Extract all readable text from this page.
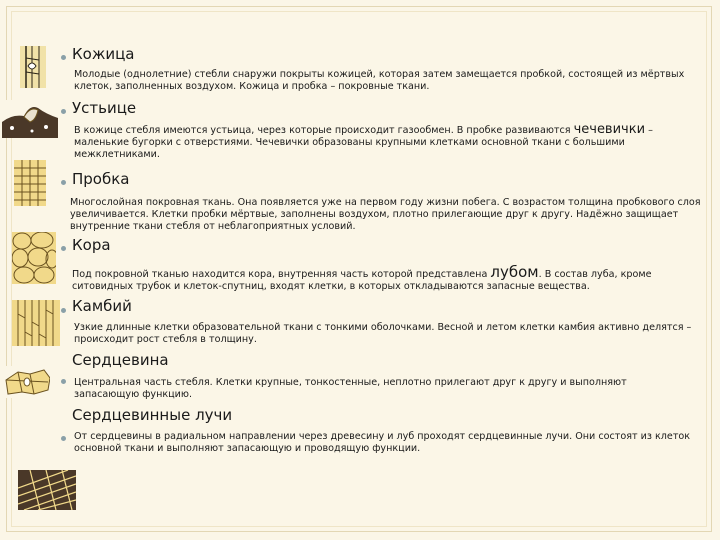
Кожица
Молодые (однолетние) стебли снаружи покрыты кожицей, которая затем замещается пробкой, состоящей из мёртвых клеток, заполненных воздухом. Кожица и пробка – покровные ткани.
Устьице
В кожице стебля имеются устьица, через которые происходит газообмен. В пробке развиваются чечевички – маленькие бугорки с отверстиями. Чечевички образованы крупными клетками основной ткани с большими межклетниками.
Пробка
Многослойная покровная ткань. Она появляется уже на первом году жизни побега. С возрастом толщина пробкового слоя увеличивается. Клетки пробки мёртвые, заполнены воздухом, плотно прилегающие друг к другу. Надёжно защищает внутренние ткани стебля от неблагоприятных условий.
Кора
Под покровной тканью находится кора, внутренняя часть которой представлена лубом. В состав луба, кроме ситовидных трубок и клеток-спутниц, входят клетки, в которых откладываются запасные вещества.
Камбий
Узкие длинные клетки образовательной ткани с тонкими оболочками. Весной и летом клетки камбия активно делятся – происходит рост стебля в толщину.
Сердцевина
Центральная часть стебля. Клетки крупные, тонкостенные, неплотно прилегают друг к другу и выполняют запасающую функцию.
Сердцевинные лучи
От сердцевины в радиальном направлении через древесину и луб проходят сердцевинные лучи. Они состоят из клеток основной ткани и выполняют запасающую и проводящую функции.
